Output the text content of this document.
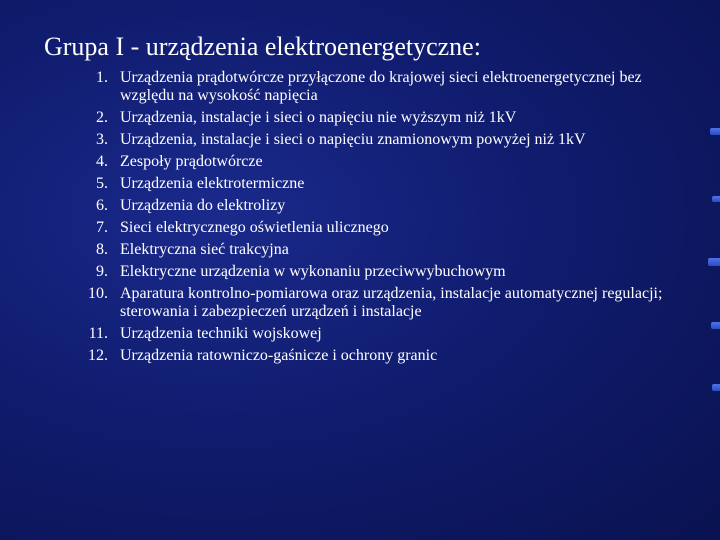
Grupa I - urządzenia elektroenergetyczne:
1. Urządzenia prądotwórcze przyłączone do krajowej sieci elektroenergetycznej bez względu na wysokość napięcia
2. Urządzenia, instalacje i sieci o napięciu nie wyższym niż 1kV
3. Urządzenia, instalacje i sieci o napięciu znamionowym powyżej niż 1kV
4. Zespoły prądotwórcze
5. Urządzenia elektrotermiczne
6. Urządzenia do elektrolizy
7. Sieci elektrycznego oświetlenia ulicznego
8. Elektryczna sieć trakcyjna
9. Elektryczne urządzenia w wykonaniu przeciwwybuchowym
10. Aparatura kontrolno-pomiarowa oraz urządzenia, instalacje automatycznej regulacji; sterowania i zabezpieczeń urządzeń i instalacje
11. Urządzenia techniki wojskowej
12. Urządzenia ratowniczo-gaśnicze i ochrony granic
